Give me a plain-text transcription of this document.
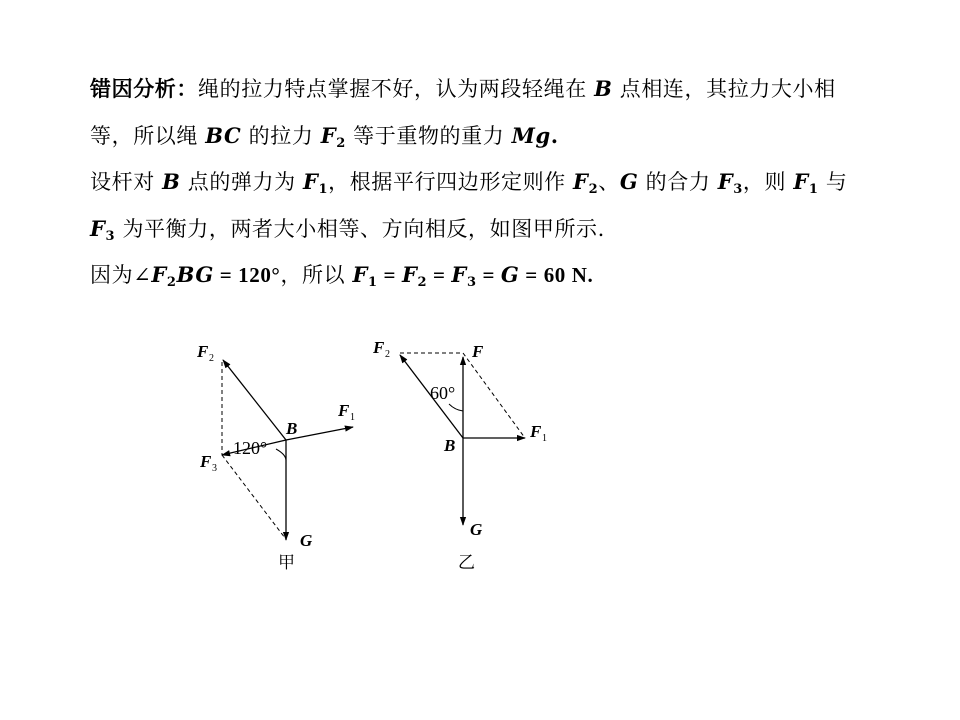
错因分析：绳的拉力特点掌握不好，认为两段轻绳在 B 点相连，其拉力大小相
等，所以绳 BC 的拉力 $F_2$ 等于重物的重力 Mg.
设杆对 B 点的弹力为 $F_1$，根据平行四边形定则作 $F_2$、G 的合力 $F_3$，则 $F_1$ 与
$F_3$ 为平衡力，两者大小相等、方向相反，如图甲所示.
因为$\angle F_2BG = 120^\circ$，所以 $F_1 = F_2 = F_3 = G = 60$ N.
F 2
F 1
F 3
B
G
120°
甲
F 2	F
F 1
B
G
60°
乙
